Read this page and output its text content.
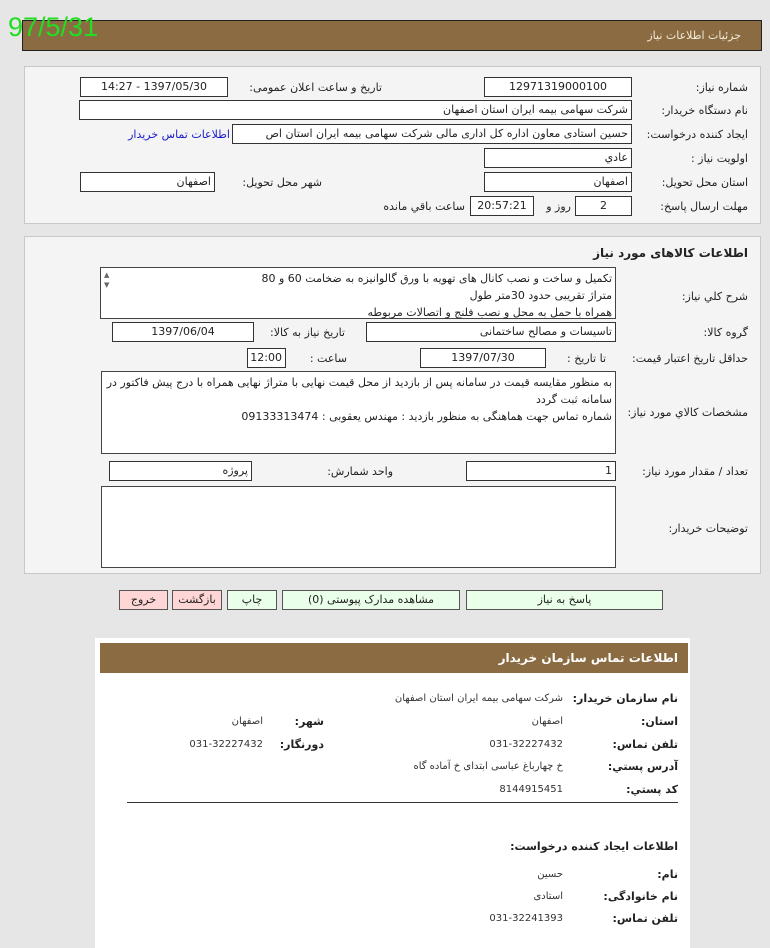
جزئیات اطلاعات نیاز
97/5/31
شماره نیاز:
12971319000100
تاریخ و ساعت اعلان عمومی:
1397/05/30 - 14:27
نام دستگاه خریدار:
شرکت سهامی بیمه ایران استان اصفهان
ایجاد کننده درخواست:
حسین استادی معاون اداره کل اداری مالی شرکت سهامی بیمه ایران استان اص
اطلاعات تماس خریدار
اولویت نیاز :
عادي
استان محل تحویل:
اصفهان
شهر محل تحویل:
اصفهان
مهلت ارسال پاسخ:
2
روز و
20:57:21
ساعت باقي مانده
اطلاعات کالاهای مورد نیاز
شرح کلي نياز:
تکمیل و ساخت و نصب کانال های تهویه با ورق گالوانیزه به ضخامت 60 و 80
متراژ تقریبی حدود 30متر طول
همراه با حمل به محل و نصب فلنج و اتصالات مربوطه
▲
▼
گروه کالا:
تاسیسات و مصالح ساختمانی
تاریخ نیاز به کالا:
1397/06/04
حداقل تاریخ اعتبار قیمت:
تا تاریخ :
1397/07/30
ساعت :
12:00
مشخصات کالاي مورد نياز:
به منظور مقایسه قیمت در سامانه پس از بازدید از محل قیمت نهایی با متراژ نهایی همراه با درج پیش فاکتور در سامانه ثبت گردد
شماره تماس جهت هماهنگی به منظور بازدید : مهندس یعقوبی : 09133313474
تعداد / مقدار مورد نیاز:
1
واحد شمارش:
پروژه
توضیحات خریدار:
پاسخ به نیاز
مشاهده مدارک پیوستی (0)
چاپ
بازگشت
خروج
اطلاعات تماس سازمان خریدار
نام سازمان خریدار:
شرکت سهامی بیمه ایران استان اصفهان
استان:
اصفهان
شهر:
اصفهان
تلفن تماس:
031-32227432
دورنگار:
031-32227432
آدرس پستي:
خ چهارباغ عباسی ابتدای خ آماده گاه
کد پستي:
8144915451
اطلاعات ایجاد کننده درخواست:
نام:
حسین
نام خانوادگی:
استادی
تلفن تماس:
031-32241393
